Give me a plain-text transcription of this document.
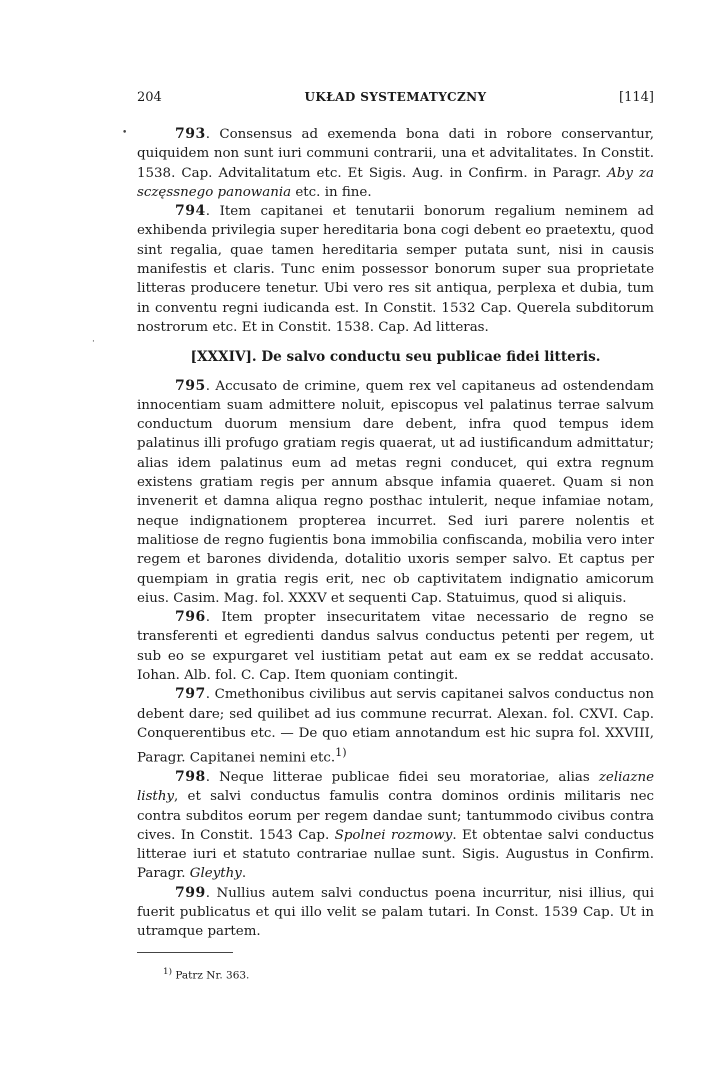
204	UKŁAD SYSTEMATYCZNY	[114]
•
·

793. Consensus ad exemenda bona dati in robore conservantur, quiquidem non sunt iuri communi contrarii, una et advitalitates. In Constit. 1538. Cap. Advitalitatum etc. Et Sigis. Aug. in Confirm. in Paragr. Aby za sczęssnego panowania etc. in fine.

794. Item capitanei et tenutarii bonorum regalium neminem ad exhibenda privilegia super hereditaria bona cogi debent eo praetextu, quod sint regalia, quae tamen hereditaria semper putata sunt, nisi in causis manifestis et claris. Tunc enim possessor bonorum super sua proprietate litteras producere tenetur. Ubi vero res sit antiqua, perplexa et dubia, tum in conventu regni iudicanda est. In Constit. 1532 Cap. Querela subditorum nostrorum etc. Et in Constit. 1538. Cap. Ad litteras.

[XXXIV]. De salvo conductu seu publicae fidei litteris.

795. Accusato de crimine, quem rex vel capitaneus ad ostendendam innocentiam suam admittere noluit, episcopus vel palatinus terrae salvum conductum duorum mensium dare debent, infra quod tempus idem palatinus illi profugo gratiam regis quaerat, ut ad iustificandum admittatur; alias idem palatinus eum ad metas regni conducet, qui extra regnum existens gratiam regis per annum absque infamia quaeret. Quam si non invenerit et damna aliqua regno posthac intulerit, neque infamiae notam, neque indignationem propterea incurret. Sed iuri parere nolentis et malitiose de regno fugientis bona immobilia confiscanda, mobilia vero inter regem et barones dividenda, dotalitio uxoris semper salvo. Et captus per quempiam in gratia regis erit, nec ob captivitatem indignatio amicorum eius. Casim. Mag. fol. XXXV et sequenti Cap. Statuimus, quod si aliquis.

796. Item propter insecuritatem vitae necessario de regno se transferenti et egredienti dandus salvus conductus petenti per regem, ut sub eo se expurgaret vel iustitiam petat aut eam ex se reddat accusato. Iohan. Alb. fol. C. Cap. Item quoniam contingit.

797. Cmethonibus civilibus aut servis capitanei salvos conductus non debent dare; sed quilibet ad ius commune recurrat. Alexan. fol. CXVI. Cap. Conquerentibus etc. — De quo etiam annotandum est hic supra fol. XXVIII, Paragr. Capitanei nemini etc.$^{1)}$

798. Neque litterae publicae fidei seu moratoriae, alias zeliazne listhy, et salvi conductus famulis contra dominos ordinis militaris nec contra subditos eorum per regem dandae sunt; tantummodo civibus contra cives. In Constit. 1543 Cap. Spolnei rozmowy. Et obtentae salvi conductus litterae iuri et statuto contrariae nullae sunt. Sigis. Augustus in Confirm. Paragr. Gleythy.

799. Nullius autem salvi conductus poena incurritur, nisi illius, qui fuerit publicatus et qui illo velit se palam tutari. In Const. 1539 Cap. Ut in utramque partem.

$^{1)}$ Patrz Nr. 363.
